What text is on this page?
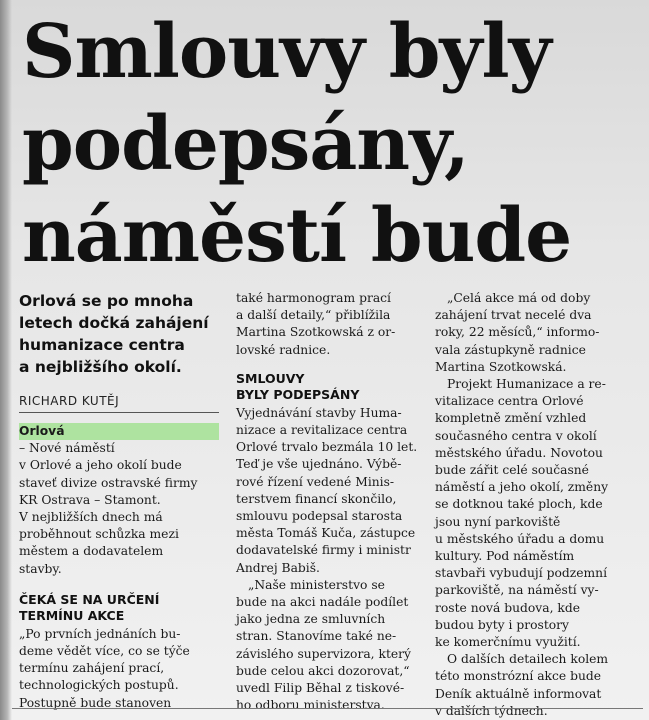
Smlouvy byly
podepsány,
náměstí bude
Orlová se po mnoha
letech dočká zahájení
humanizace centra
a nejbližšího okolí.
RICHARD KUTĚJ
Orlová
– Nové náměstí
v Orlové a jeho okolí bude
staveť divize ostravské firmy
KR Ostrava – Stamont.
V nejbližších dnech má
proběhnout schůzka mezi
městem a dodavatelem
stavby.
ČEKÁ SE NA URČENÍ
TERMÍNU AKCE
„Po prvních jednáních bu-
deme vědět více, co se týče
termínu zahájení prací,
technologických postupů.
Postupně bude stanoven
také harmonogram prací
a další detaily,“ přiblížila
Martina Szotkowská z or-
lovské radnice.
SMLOUVY
BYLY PODEPSÁNY
Vyjednávání stavby Huma-
nizace a revitalizace centra
Orlové trvalo bezmála 10 let.
Teď je vše ujednáno. Výbě-
rové řízení vedené Minis-
terstvem financí skončilo,
smlouvu podepsal starosta
města Tomáš Kuča, zástupce
dodavatelské firmy i ministr
Andrej Babiš.
„Naše ministerstvo se
bude na akci nadále podílet
jako jedna ze smluvních
stran. Stanovíme také ne-
závislého supervizora, který
bude celou akci dozorovat,“
uvedl Filip Běhal z tiskové-
ho odboru ministerstva.
„Celá akce má od doby
zahájení trvat necelé dva
roky, 22 měsíců,“ informo-
vala zástupkyně radnice
Martina Szotkowská.
Projekt Humanizace a re-
vitalizace centra Orlové
kompletně změní vzhled
současného centra v okolí
městského úřadu. Novotou
bude zářit celé současné
náměstí a jeho okolí, změny
se dotknou také ploch, kde
jsou nyní parkoviště
u městského úřadu a domu
kultury. Pod náměstím
stavbaři vybudují podzemní
parkoviště, na náměstí vy-
roste nová budova, kde
budou byty i prostory
ke komerčnímu využití.
O dalších detailech kolem
této monstrózní akce bude
Deník aktuálně informovat
v dalších týdnech.
